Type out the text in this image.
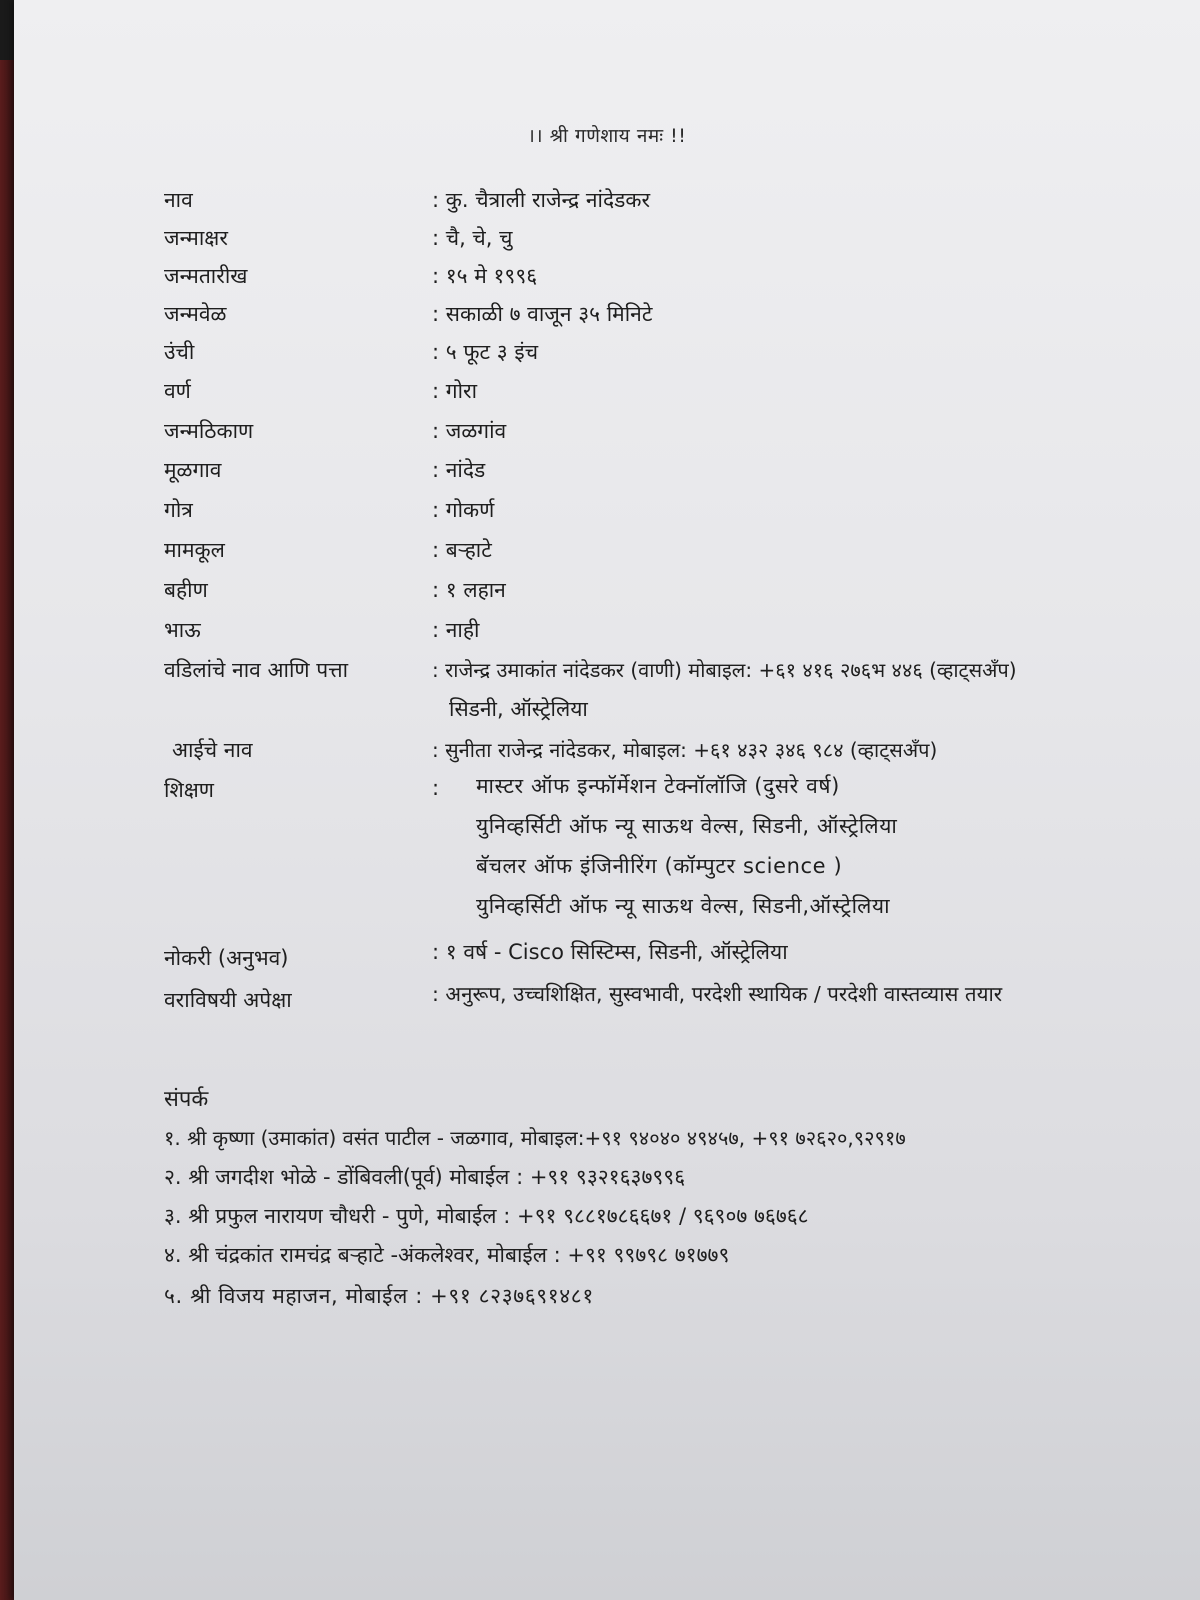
।। श्री गणेशाय नमः !!
नाव	: कु. चैत्राली राजेन्द्र नांदेडकर
जन्माक्षर	: चै, चे, चु
जन्मतारीख	: १५ मे १९९६
जन्मवेळ	: सकाळी ७ वाजून ३५ मिनिटे
उंची	: ५ फूट ३ इंच
वर्ण	: गोरा
जन्मठिकाण	: जळगांव
मूळगाव	: नांदेड
गोत्र	: गोकर्ण
मामकूल	: बऱ्हाटे
बहीण	: १ लहान
भाऊ	: नाही
वडिलांचे नाव आणि पत्ता	: राजेन्द्र उमाकांत नांदेडकर (वाणी) मोबाइल: +६१ ४१६ २७६भ ४४६ (व्हाट्सअँप)
सिडनी, ऑस्ट्रेलिया
आईचे नाव	: सुनीता राजेन्द्र नांदेडकर, मोबाइल: +६१ ४३२ ३४६ ९८४ (व्हाट्सअँप)
शिक्षण	: मास्टर ऑफ इन्फॉर्मेशन टेक्नॉलॉजि (दुसरे वर्ष)
युनिव्हर्सिटी ऑफ न्यू साऊथ वेल्स, सिडनी, ऑस्ट्रेलिया
बॅचलर ऑफ इंजिनीरिंग (कॉम्पुटर science )
युनिव्हर्सिटी ऑफ न्यू साऊथ वेल्स, सिडनी,ऑस्ट्रेलिया
नोकरी (अनुभव)	: १ वर्ष - Cisco सिस्टिम्स, सिडनी, ऑस्ट्रेलिया
वराविषयी अपेक्षा	: अनुरूप, उच्चशिक्षित, सुस्वभावी, परदेशी स्थायिक / परदेशी वास्तव्यास तयार
संपर्क
१. श्री कृष्णा (उमाकांत) वसंत पाटील - जळगाव, मोबाइल:+९१ ९४०४० ४९४५७, +९१ ७२६२०,९२९१७
२. श्री जगदीश भोळे - डोंबिवली(पूर्व) मोबाईल : +९१ ९३२१६३७९९६
३. श्री प्रफुल नारायण चौधरी - पुणे, मोबाईल : +९१ ९८८१७८६६७१ / ९६९०७ ७६७६८
४. श्री चंद्रकांत रामचंद्र बऱ्हाटे -अंकलेश्वर, मोबाईल : +९१ ९९७९८ ७१७७९
५. श्री विजय महाजन, मोबाईल : +९१ ८२३७६९१४८१
